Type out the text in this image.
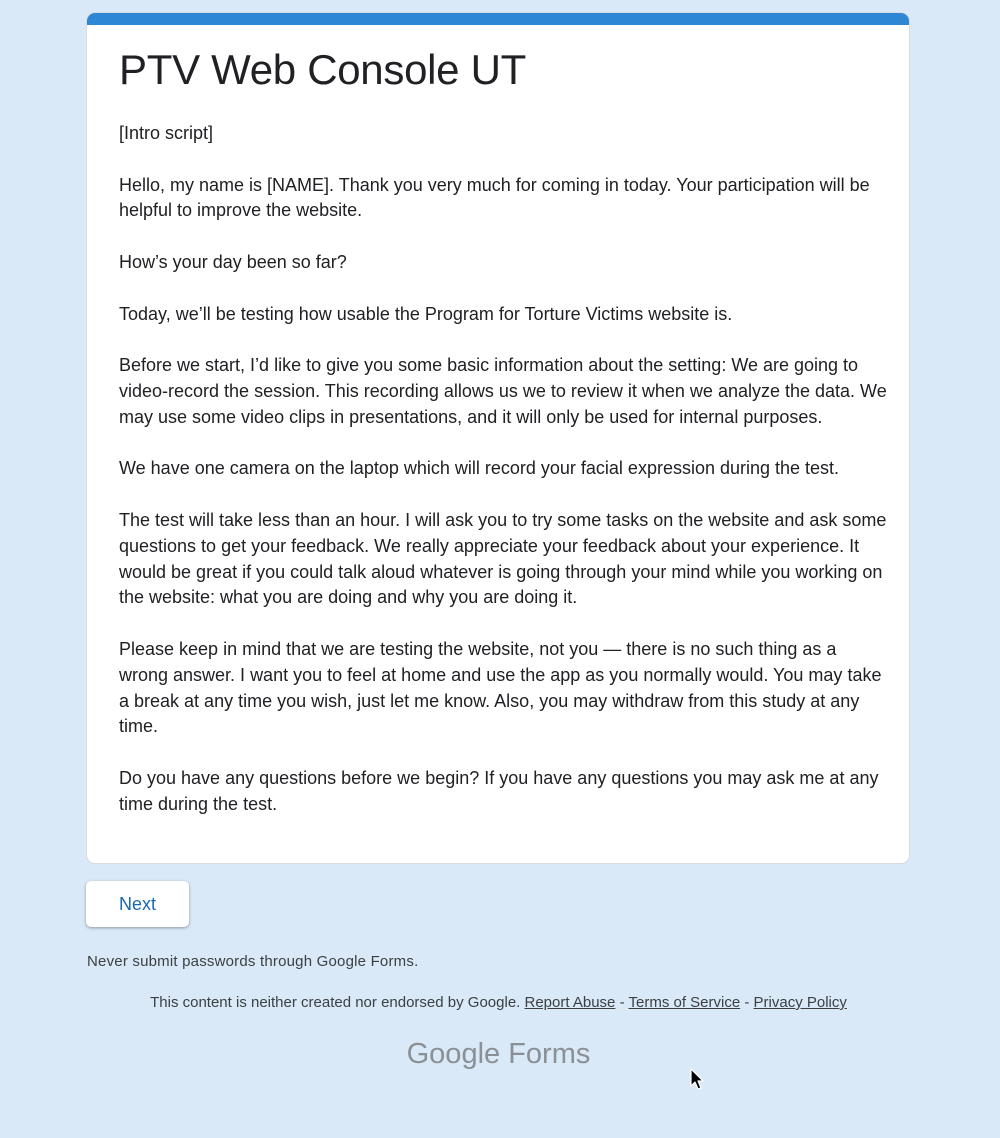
PTV Web Console UT

[Intro script]

Hello, my name is [NAME]. Thank you very much for coming in today. Your participation will be helpful to improve the website.

How’s your day been so far?

Today, we’ll be testing how usable the Program for Torture Victims website is.

Before we start, I’d like to give you some basic information about the setting: We are going to video-record the session. This recording allows us we to review it when we analyze the data. We may use some video clips in presentations, and it will only be used for internal purposes.

We have one camera on the laptop which will record your facial expression during the test.

The test will take less than an hour. I will ask you to try some tasks on the website and ask some questions to get your feedback. We really appreciate your feedback about your experience. It would be great if you could talk aloud whatever is going through your mind while you working on the website: what you are doing and why you are doing it.

Please keep in mind that we are testing the website, not you — there is no such thing as a wrong answer. I want you to feel at home and use the app as you normally would. You may take a break at any time you wish, just let me know. Also, you may withdraw from this study at any time.

Do you have any questions before we begin? If you have any questions you may ask me at any time during the test.

Next
Never submit passwords through Google Forms.
This content is neither created nor endorsed by Google. Report Abuse - Terms of Service - Privacy Policy
Google Forms
